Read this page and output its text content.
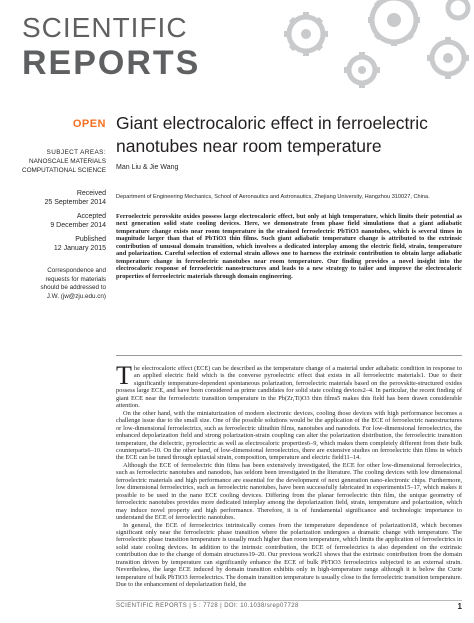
SCIENTIFIC
REPORTS
OPEN
SUBJECT AREAS:
NANOSCALE MATERIALS
COMPUTATIONAL SCIENCE
Received
25 September 2014
Accepted
9 December 2014
Published
12 January 2015
Correspondence and
requests for materials
should be addressed to
J.W. (jw@zju.edu.cn)
Giant electrocaloric effect in ferroelectric
nanotubes near room temperature
Man Liu & Jie Wang
Department of Engineering Mechanics, School of Aeronautics and Astronautics, Zhejiang University, Hangzhou 310027, China.
Ferroelectric perovskite oxides possess large electrocaloric effect, but only at high temperature, which limits their potential as next generation solid state cooling devices. Here, we demonstrate from phase field simulations that a giant adiabatic temperature change exists near room temperature in the strained ferroelectric PbTiO3 nanotubes, which is several times in magnitude larger than that of PbTiO3 thin films. Such giant adiabatic temperature change is attributed to the extrinsic contribution of unusual domain transition, which involves a dedicated interplay among the electric field, strain, temperature and polarization. Careful selection of external strain allows one to harness the extrinsic contribution to obtain large adiabatic temperature change in ferroelectric nanotubes near room temperature. Our finding provides a novel insight into the electrocaloric response of ferroelectric nanostructures and leads to a new strategy to tailor and improve the electrocaloric properties of ferroelectric materials through domain engineering.

The electrocaloric effect (ECE) can be described as the temperature change of a material under adiabatic condition in response to an applied electric field which is the converse pyroelectric effect that exists in all ferroelectric materials1. Due to their significantly temperature-dependent spontaneous polarization, ferroelectric materials based on the perovskite-structured oxides possess large ECE, and have been considered as prime candidates for solid state cooling devices2–4. In particular, the recent finding of giant ECE near the ferroelectric transition temperature in the Pb(Zr,Ti)O3 thin films5 makes this field has been drawn considerable attention.

On the other hand, with the miniaturization of modern electronic devices, cooling those devices with high performance becomes a challenge issue due to the small size. One of the possible solutions would be the application of the ECE of ferroelectric nanostructures or low-dimensional ferroelectrics, such as ferroelectric ultrathin films, nanotubes and nanodots. For low-dimensional ferroelectrics, the enhanced depolarization field and strong polarization-strain coupling can alter the polarization distribution, the ferroelectric transition temperature, the dielectric, pyroelectric as well as electrocaloric properties6–9, which makes them completely different from their bulk counterparts6–10. On the other hand, of low-dimensional ferroelectrics, there are extensive studies on ferroelectric thin films in which the ECE can be tuned through epitaxial strain, composition, temperature and electric field11–14.

Although the ECE of ferroelectric thin films has been extensively investigated, the ECE for other low-dimensional ferroelectrics, such as ferroelectric nanotubes and nanodots, has seldom been investigated in the literature. The cooling devices with low dimensional ferroelectric materials and high performance are essential for the development of next generation nano-electronic chips. Furthermore, low dimensional ferroelectrics, such as ferroelectric nanotubes, have been successfully fabricated in experiments15–17, which makes it possible to be used in the nano ECE cooling devices. Differing from the planar ferroelectric thin film, the unique geometry of ferroelectric nanotubes provides more dedicated interplay among the depolarization field, strain, temperature and polarization, which may induce novel property and high performance. Therefore, it is of fundamental significance and technologic importance to understand the ECE of ferroelectric nanotubes.

In general, the ECE of ferroelectrics intrinsically comes from the temperature dependence of polarization18, which becomes significant only near the ferroelectric phase transition where the polarization undergoes a dramatic change with temperature. The ferroelectric phase transition temperature is usually much higher than room temperature, which limits the application of ferroelectrics in solid state cooling devices. In addition to the intrinsic contribution, the ECE of ferroelectrics is also dependent on the extrinsic contribution due to the change of domain structures19–20. Our previous work21 shows that the extrinsic contribution from the domain transition driven by temperature can significantly enhance the ECE of bulk PbTiO3 ferroelectrics subjected to an external strain. Nevertheless, the large ECE induced by domain transition exhibits only in high-temperature range although it is below the Curie temperature of bulk PbTiO3 ferroelectrics. The domain transition temperature is usually close to the ferroelectric transition temperature. Due to the enhancement of depolarization field, the

SCIENTIFIC REPORTS | 5 : 7728 | DOI: 10.1038/srep07728	1
